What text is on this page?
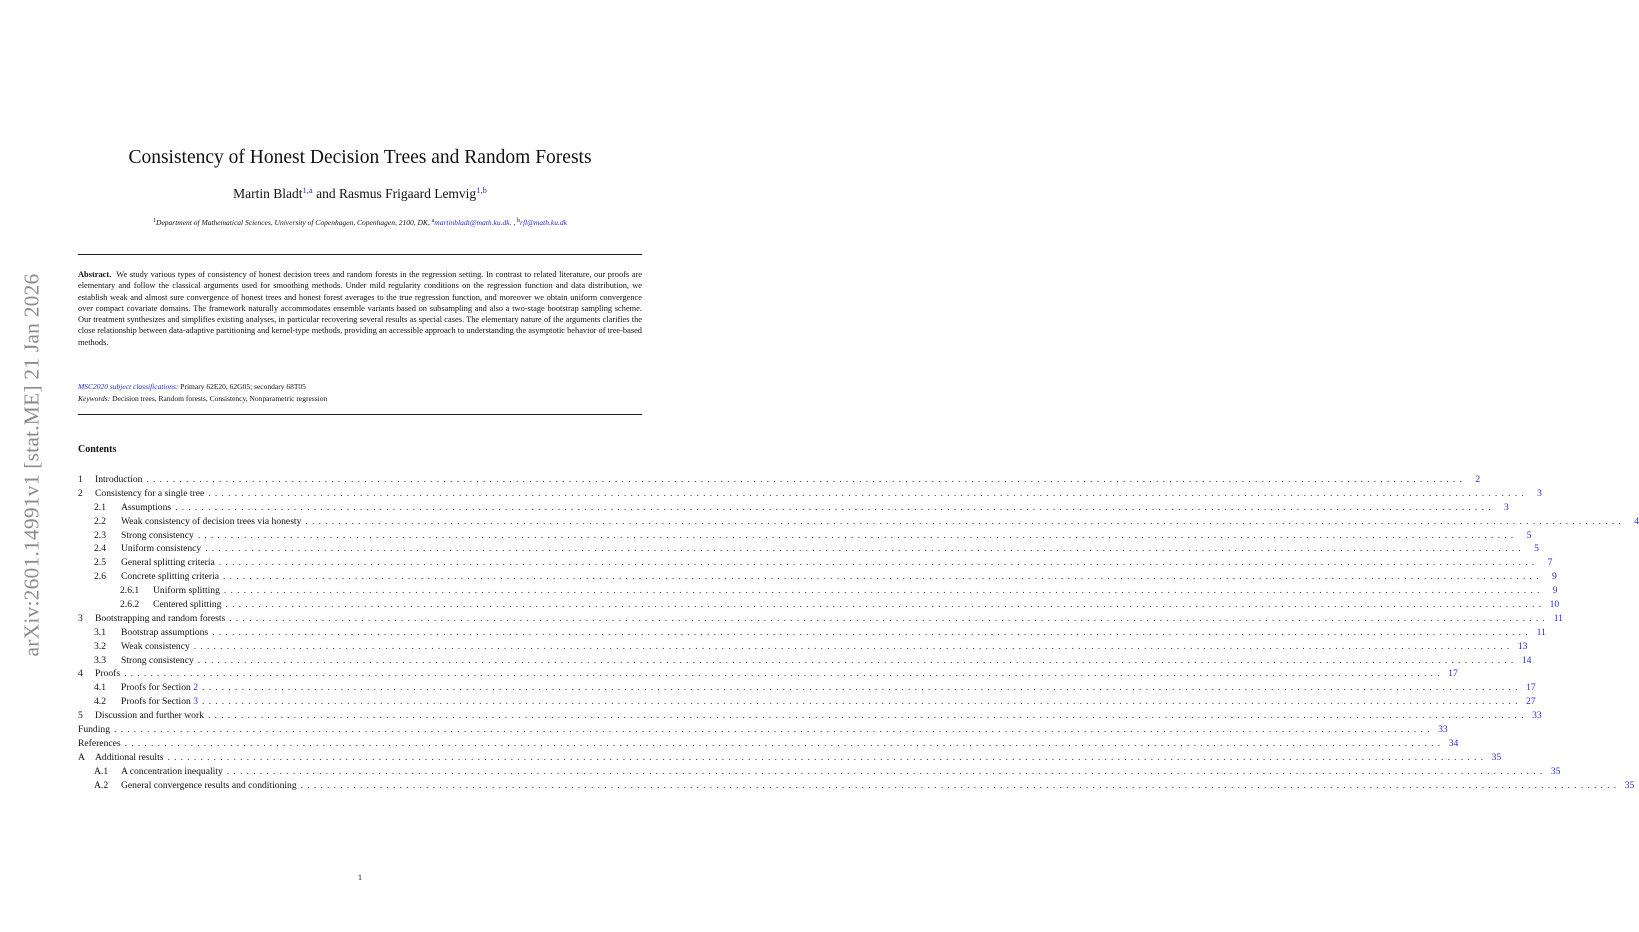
arXiv:2601.14991v1 [stat.ME] 21 Jan 2026
Consistency of Honest Decision Trees and Random Forests
Martin Bladt$^{1,a}$ and Rasmus Frigaard Lemvig$^{1,b}$
$^1$Department of Mathematical Sciences, University of Copenhagen, Copenhagen, 2100, DK, $^a$martinbladt@math.ku.dk. , $^b$rfl@math.ku.dk

Abstract. We study various types of consistency of honest decision trees and random forests in the regression setting. In contrast to related literature, our proofs are elementary and follow the classical arguments used for smoothing methods. Under mild regularity conditions on the regression function and data distribution, we establish weak and almost sure convergence of honest trees and honest forest averages to the true regression function, and moreover we obtain uniform convergence over compact covariate domains. The framework naturally accommodates ensemble variants based on subsampling and also a two-stage bootstrap sampling scheme. Our treatment synthesizes and simplifies existing analyses, in particular recovering several results as special cases. The elementary nature of the arguments clarifies the close relationship between data-adaptive partitioning and kernel-type methods, providing an accessible approach to understanding the asymptotic behavior of tree-based methods.

MSC2020 subject classifications: Primary 62E20, 62G05; secondary 68T05
Keywords: Decision trees, Random forests, Consistency, Nonparametric regression
Contents
1	Introduction ........................................................................................................................................................................................................ 2
2	Consistency for a single tree ........................................................................................................................................................................................................ 3
2.1	Assumptions ........................................................................................................................................................................................................ 3
2.2	Weak consistency of decision trees via honesty ........................................................................................................................................................................................................ 4
2.3	Strong consistency ........................................................................................................................................................................................................ 5
2.4	Uniform consistency ........................................................................................................................................................................................................ 5
2.5	General splitting criteria ........................................................................................................................................................................................................ 7
2.6	Concrete splitting criteria ........................................................................................................................................................................................................ 9
2.6.1	Uniform splitting ........................................................................................................................................................................................................ 9
2.6.2	Centered splitting ........................................................................................................................................................................................................ 10
3	Bootstrapping and random forests ........................................................................................................................................................................................................ 11
3.1	Bootstrap assumptions ........................................................................................................................................................................................................ 11
3.2	Weak consistency ........................................................................................................................................................................................................ 13
3.3	Strong consistency ........................................................................................................................................................................................................ 14
4	Proofs ........................................................................................................................................................................................................ 17
4.1	Proofs for Section 2 ........................................................................................................................................................................................................ 17
4.2	Proofs for Section 3 ........................................................................................................................................................................................................ 27
5	Discussion and further work ........................................................................................................................................................................................................ 33
Funding ........................................................................................................................................................................................................ 33
References ........................................................................................................................................................................................................ 34
A	Additional results ........................................................................................................................................................................................................ 35
A.1	A concentration inequality ........................................................................................................................................................................................................ 35
A.2	General convergence results and conditioning ........................................................................................................................................................................................................ 35
1
